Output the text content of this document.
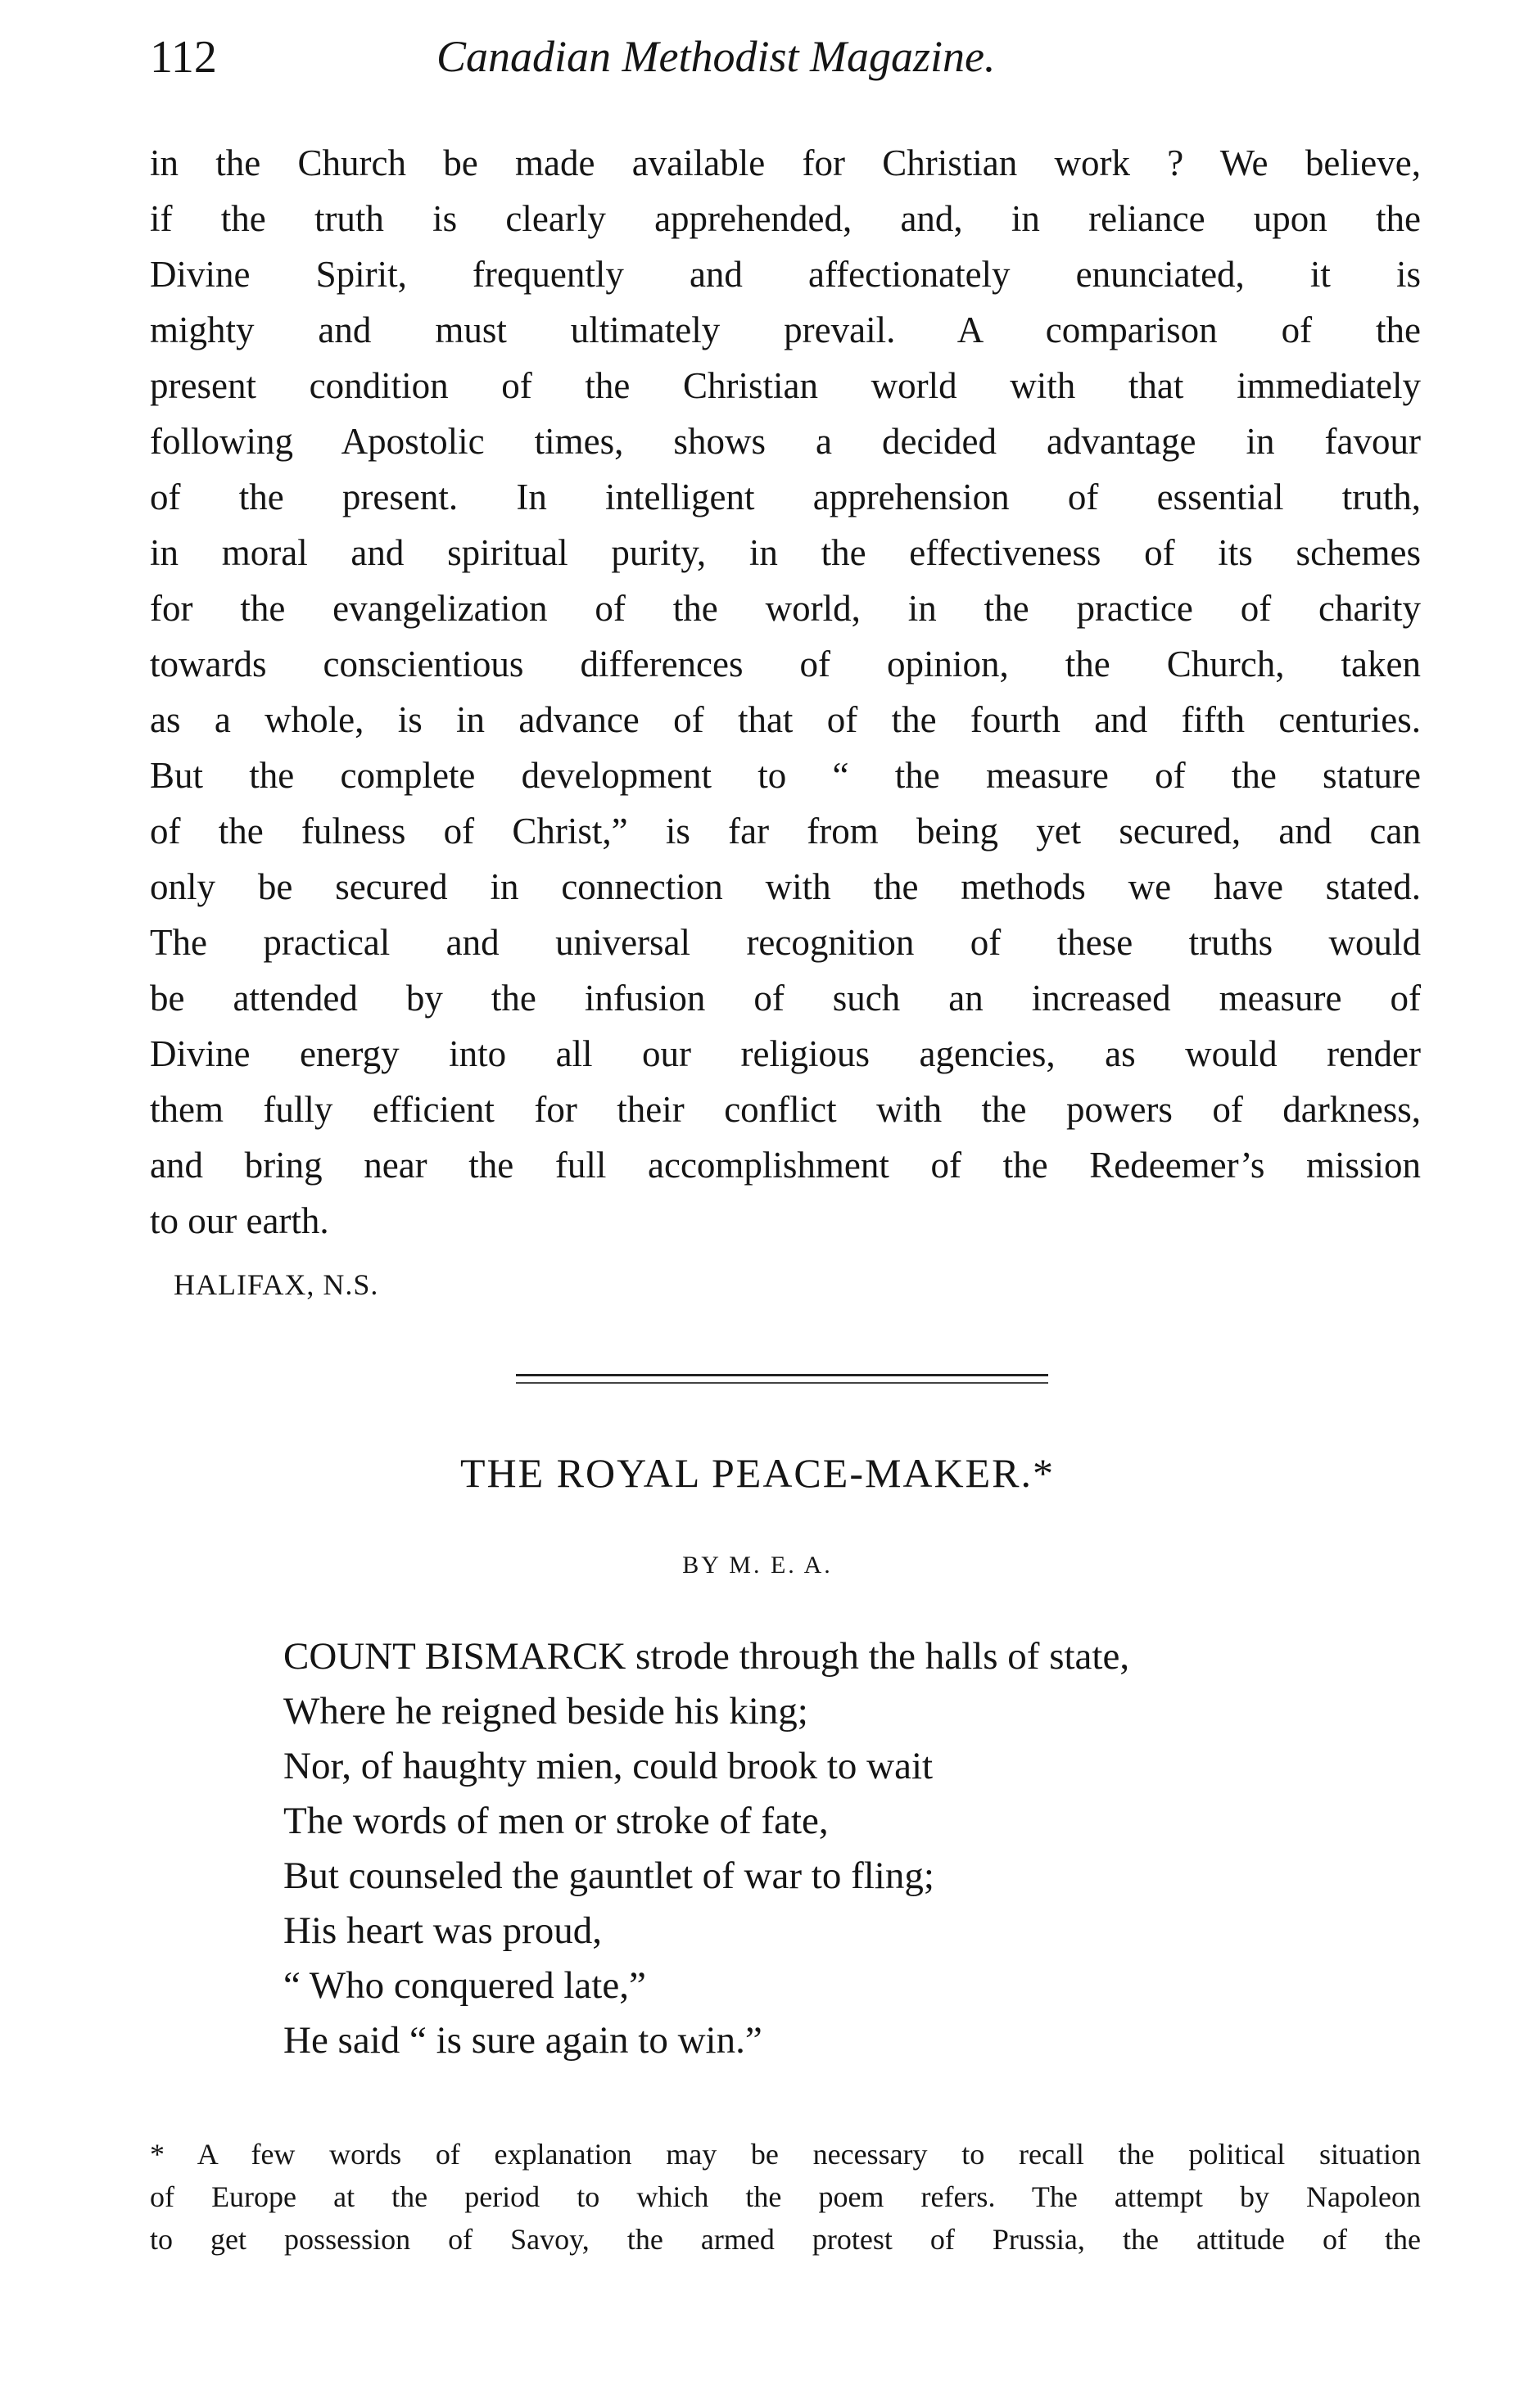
112	Canadian Methodist Magazine.
in the Church be made available for Christian work ? We believe,
if the truth is clearly apprehended, and, in reliance upon the
Divine Spirit, frequently and affectionately enunciated, it is
mighty and must ultimately prevail. A comparison of the
present condition of the Christian world with that immediately
following Apostolic times, shows a decided advantage in favour
of the present. In intelligent apprehension of essential truth,
in moral and spiritual purity, in the effectiveness of its schemes
for the evangelization of the world, in the practice of charity
towards conscientious differences of opinion, the Church, taken
as a whole, is in advance of that of the fourth and fifth centuries.
But the complete development to “ the measure of the stature
of the fulness of Christ,” is far from being yet secured, and can
only be secured in connection with the methods we have stated.
The practical and universal recognition of these truths would
be attended by the infusion of such an increased measure of
Divine energy into all our religious agencies, as would render
them fully efficient for their conflict with the powers of darkness,
and bring near the full accomplishment of the Redeemer’s mission
to our earth.
HALIFAX, N.S.
THE ROYAL PEACE-MAKER.*
BY M. E. A.
COUNT BISMARCK strode through the halls of state,
Where he reigned beside his king;
Nor, of haughty mien, could brook to wait
The words of men or stroke of fate,
But counseled the gauntlet of war to fling;
His heart was proud,
“ Who conquered late,”
He said “ is sure again to win.”
* A few words of explanation may be necessary to recall the political situation
of Europe at the period to which the poem refers. The attempt by Napoleon
to get possession of Savoy, the armed protest of Prussia, the attitude of the
